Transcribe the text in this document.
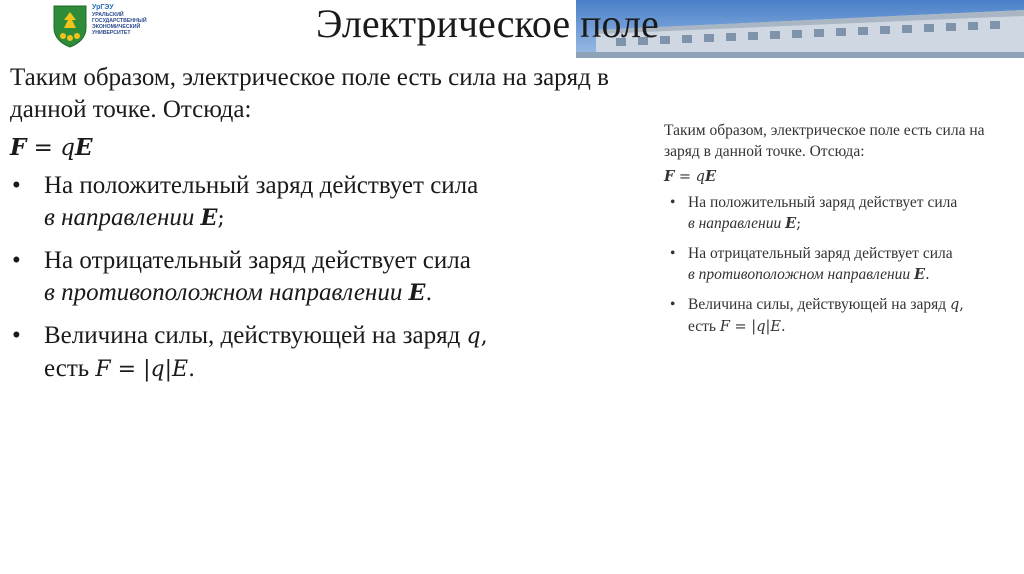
УрГЭУ
УРАЛЬСКИЙ ГОСУДАРСТВЕННЫЙ ЭКОНОМИЧЕСКИЙ УНИВЕРСИТЕТ	Электрическое поле

Таким образом, электрическое поле есть сила на заряд в данной точке. Отсюда:

F = qE

• На положительный заряд действует сила
в направлении E;
• На отрицательный заряд действует сила
в противоположном направлении E.
• Величина силы, действующей на заряд q,
есть F = |q|E.

Таким образом, электрическое поле есть сила на заряд в данной точке. Отсюда:

F = qE

• На положительный заряд действует сила
в направлении E;
• На отрицательный заряд действует сила
в противоположном направлении E.
• Величина силы, действующей на заряд q,
есть F = |q|E.
